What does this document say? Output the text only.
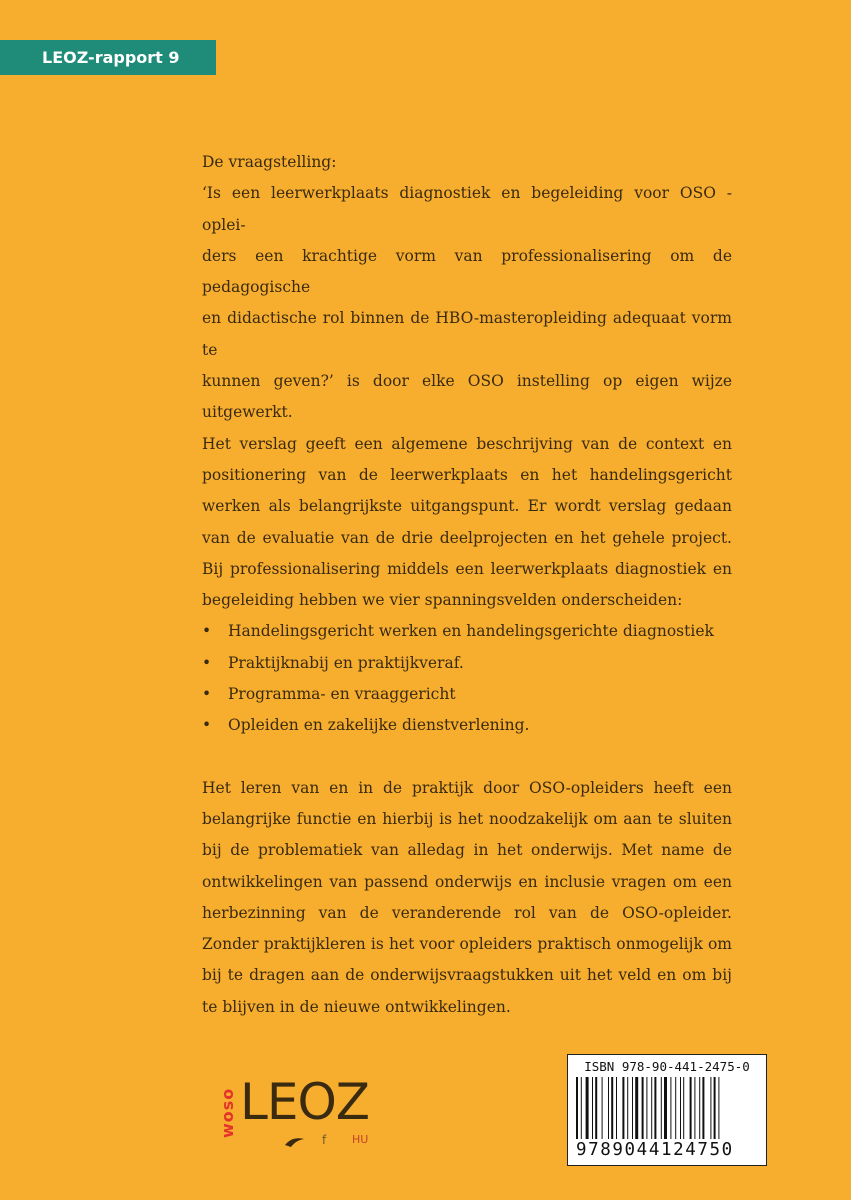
LEOZ-rapport 9

De vraagstelling:

‘Is een leerwerkplaats diagnostiek en begeleiding voor OSO - oplei-

ders een krachtige vorm van professionalisering om de pedagogische

en didactische rol binnen de HBO-masteropleiding adequaat vorm te

kunnen geven?’ is door elke OSO instelling op eigen wijze uitgewerkt.

Het verslag geeft een algemene beschrijving van de context en positionering van de leerwerkplaats en het handelingsgericht werken als belangrijkste uitgangspunt. Er wordt verslag gedaan van de evaluatie van de drie deelprojecten en het gehele project. Bij professionalisering middels een leerwerkplaats diagnostiek en begeleiding hebben we vier spanningsvelden onderscheiden:

• Handelingsgericht werken en handelingsgerichte diagnostiek
• Praktijknabij en praktijkveraf.
• Programma- en vraaggericht
• Opleiden en zakelijke dienstverlening.

Het leren van en in de praktijk door OSO-opleiders heeft een belangrijke functie en hierbij is het noodzakelijk om aan te sluiten bij de problematiek van alledag in het onderwijs. Met name de ontwikkelingen van passend onderwijs en inclusie vragen om een herbezinning van de veranderende rol van de OSO-opleider. Zonder praktijkleren is het voor opleiders praktisch onmogelijk om bij te dragen aan de onderwijsvraagstukken uit het veld en om bij te blijven in de nieuwe ontwikkelingen.

woso LEOZ
f HU
ISBN 978-90-441-2475-0
9789044124750
